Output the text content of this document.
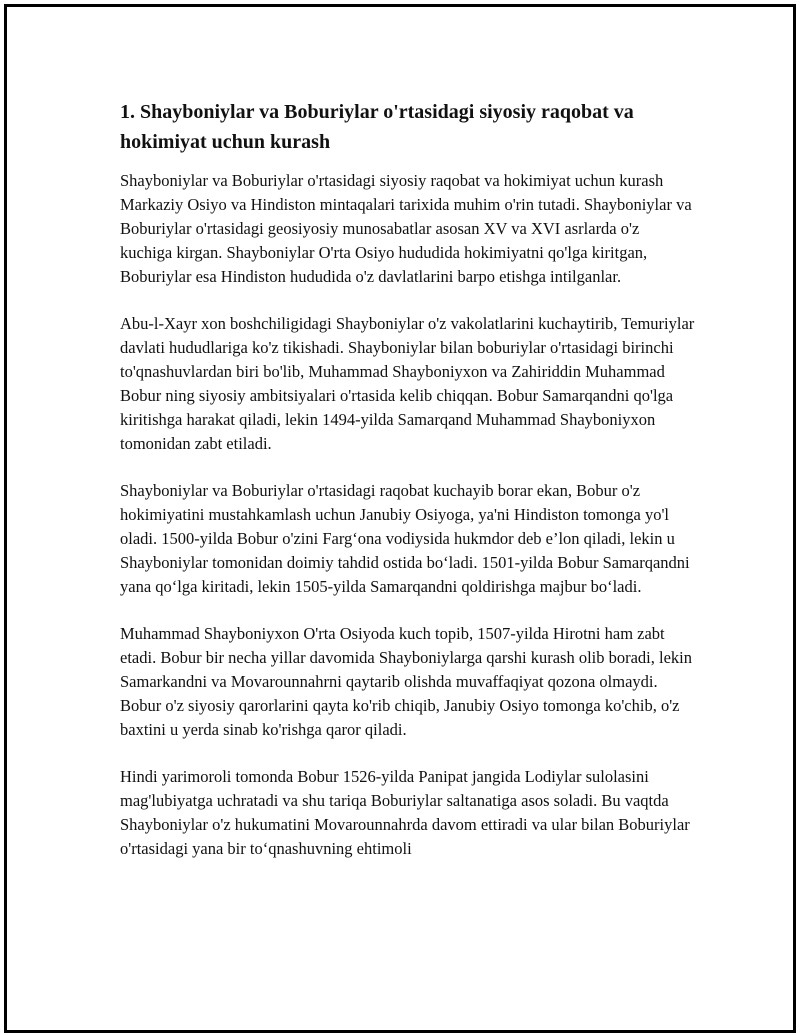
1. Shayboniylar va Boburiylar o'rtasidagi siyosiy raqobat va hokimiyat uchun kurash

Shayboniylar va Boburiylar o'rtasidagi siyosiy raqobat va hokimiyat uchun kurash Markaziy Osiyo va Hindiston mintaqalari tarixida muhim o'rin tutadi. Shayboniylar va Boburiylar o'rtasidagi geosiyosiy munosabatlar asosan XV va XVI asrlarda o'z kuchiga kirgan. Shayboniylar O'rta Osiyo hududida hokimiyatni qo'lga kiritgan, Boburiylar esa Hindiston hududida o'z davlatlarini barpo etishga intilganlar.

Abu-l-Xayr xon boshchiligidagi Shayboniylar o'z vakolatlarini kuchaytirib, Temuriylar davlati hududlariga ko'z tikishadi. Shayboniylar bilan boburiylar o'rtasidagi birinchi to'qnashuvlardan biri bo'lib, Muhammad Shayboniyxon va Zahiriddin Muhammad Bobur ning siyosiy ambitsiyalari o'rtasida kelib chiqqan. Bobur Samarqandni qo'lga kiritishga harakat qiladi, lekin 1494-yilda Samarqand Muhammad Shayboniyxon tomonidan zabt etiladi.

Shayboniylar va Boburiylar o'rtasidagi raqobat kuchayib borar ekan, Bobur o'z hokimiyatini mustahkamlash uchun Janubiy Osiyoga, ya'ni Hindiston tomonga yo'l oladi. 1500-yilda Bobur o'zini Farg‘ona vodiysida hukmdor deb e’lon qiladi, lekin u Shayboniylar tomonidan doimiy tahdid ostida bo‘ladi. 1501-yilda Bobur Samarqandni yana qo‘lga kiritadi, lekin 1505-yilda Samarqandni qoldirishga majbur bo‘ladi.

Muhammad Shayboniyxon O'rta Osiyoda kuch topib, 1507-yilda Hirotni ham zabt etadi. Bobur bir necha yillar davomida Shayboniylarga qarshi kurash olib boradi, lekin Samarkandni va Movarounnahrni qaytarib olishda muvaffaqiyat qozona olmaydi. Bobur o'z siyosiy qarorlarini qayta ko'rib chiqib, Janubiy Osiyo tomonga ko'chib, o'z baxtini u yerda sinab ko'rishga qaror qiladi.

Hindi yarimoroli tomonda Bobur 1526-yilda Panipat jangida Lodiylar sulolasini mag'lubiyatga uchratadi va shu tariqa Boburiylar saltanatiga asos soladi. Bu vaqtda Shayboniylar o'z hukumatini Movarounnahrda davom ettiradi va ular bilan Boburiylar o'rtasidagi yana bir to‘qnashuvning ehtimoli
